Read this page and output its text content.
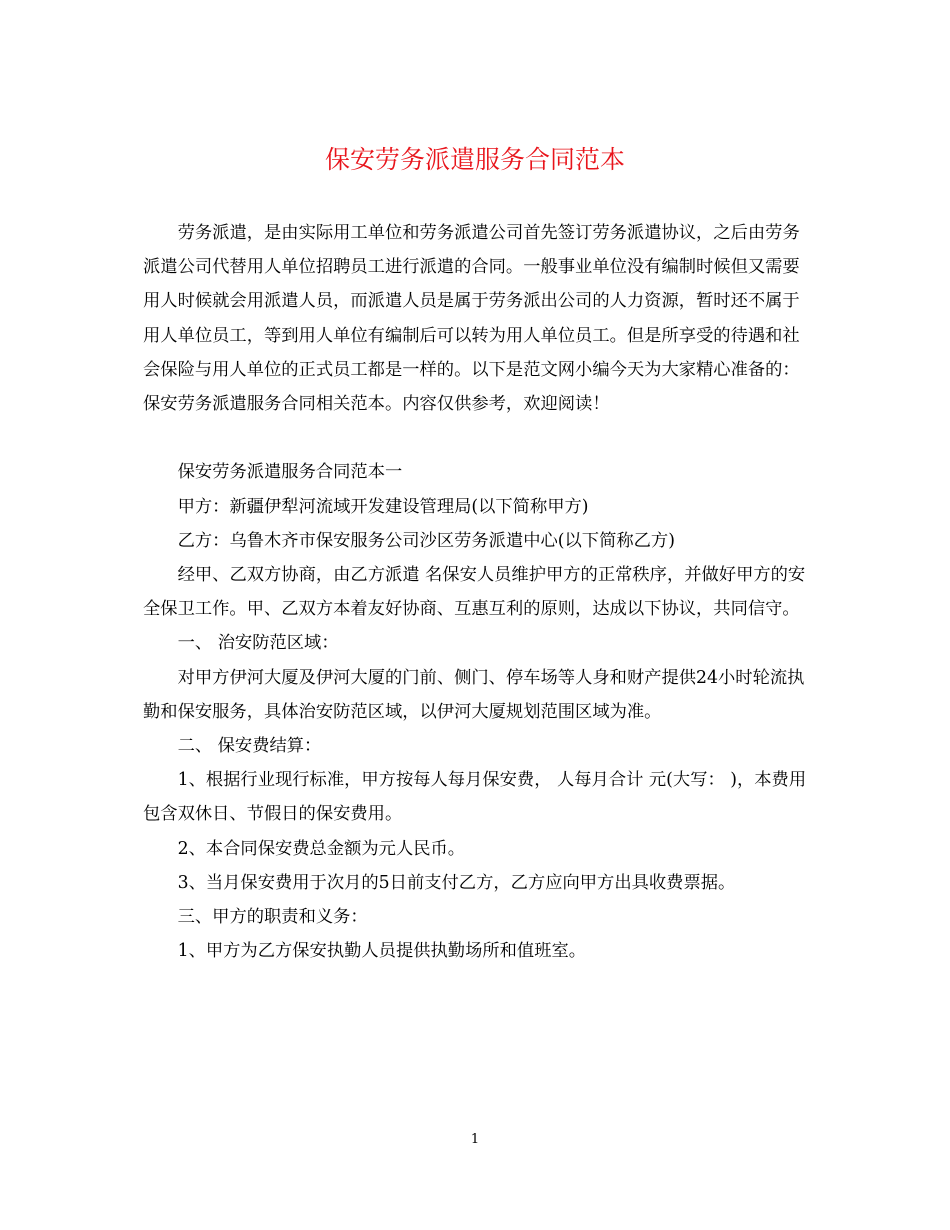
保安劳务派遣服务合同范本

劳务派遣，是由实际用工单位和劳务派遣公司首先签订劳务派遣协议，之后由劳务派遣公司代替用人单位招聘员工进行派遣的合同。一般事业单位没有编制时候但又需要用人时候就会用派遣人员，而派遣人员是属于劳务派出公司的人力资源，暂时还不属于用人单位员工，等到用人单位有编制后可以转为用人单位员工。但是所享受的待遇和社会保险与用人单位的正式员工都是一样的。以下是范文网小编今天为大家精心准备的：保安劳务派遣服务合同相关范本。内容仅供参考，欢迎阅读！

保安劳务派遣服务合同范本一

甲方：新疆伊犁河流域开发建设管理局(以下简称甲方)

乙方：乌鲁木齐市保安服务公司沙区劳务派遣中心(以下简称乙方)

经甲、乙双方协商，由乙方派遣 名保安人员维护甲方的正常秩序，并做好甲方的安全保卫工作。甲、乙双方本着友好协商、互惠互利的原则，达成以下协议，共同信守。

一、 治安防范区域：

对甲方伊河大厦及伊河大厦的门前、侧门、停车场等人身和财产提供24小时轮流执勤和保安服务，具体治安防范区域，以伊河大厦规划范围区域为准。

二、 保安费结算：

1、根据行业现行标准，甲方按每人每月保安费， 人每月合计 元(大写： )，本费用包含双休日、节假日的保安费用。

2、本合同保安费总金额为元人民币。

3、当月保安费用于次月的5日前支付乙方，乙方应向甲方出具收费票据。

三、甲方的职责和义务：

1、甲方为乙方保安执勤人员提供执勤场所和值班室。

1
